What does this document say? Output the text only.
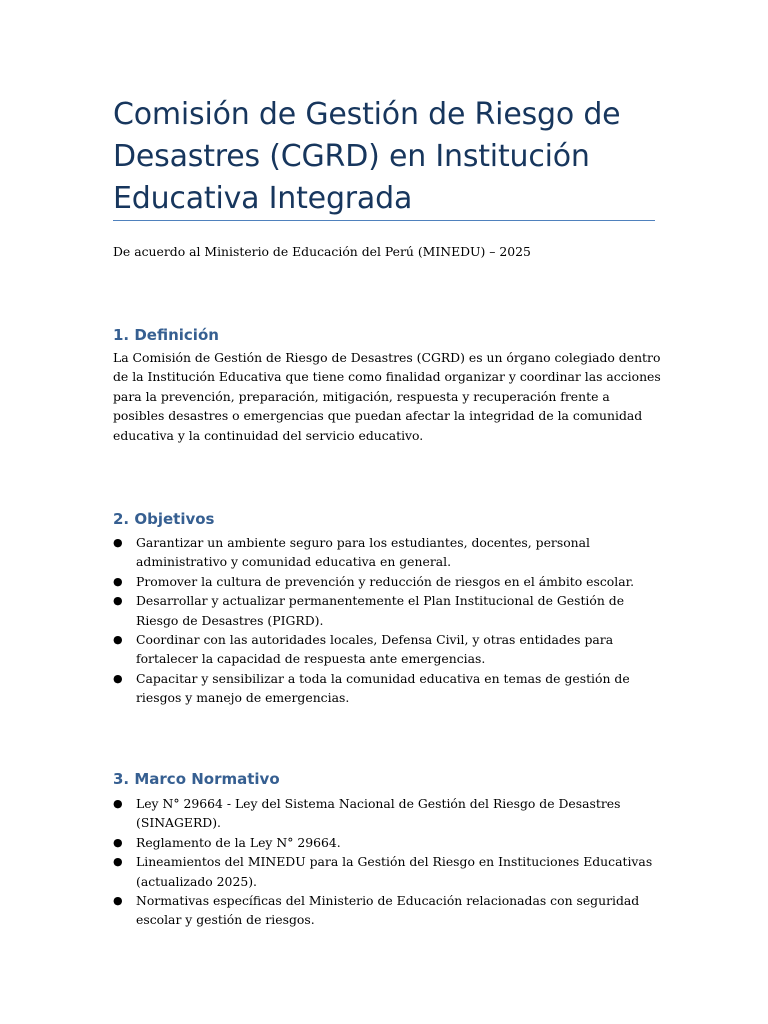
Comisión de Gestión de Riesgo de Desastres (CGRD) en Institución Educativa Integrada

De acuerdo al Ministerio de Educación del Perú (MINEDU) – 2025

1. Definición

La Comisión de Gestión de Riesgo de Desastres (CGRD) es un órgano colegiado dentro de la Institución Educativa que tiene como finalidad organizar y coordinar las acciones para la prevención, preparación, mitigación, respuesta y recuperación frente a posibles desastres o emergencias que puedan afectar la integridad de la comunidad educativa y la continuidad del servicio educativo.

2. Objetivos
●	Garantizar un ambiente seguro para los estudiantes, docentes, personal administrativo y comunidad educativa en general.
●	Promover la cultura de prevención y reducción de riesgos en el ámbito escolar.
●	Desarrollar y actualizar permanentemente el Plan Institucional de Gestión de Riesgo de Desastres (PIGRD).
●	Coordinar con las autoridades locales, Defensa Civil, y otras entidades para fortalecer la capacidad de respuesta ante emergencias.
●	Capacitar y sensibilizar a toda la comunidad educativa en temas de gestión de riesgos y manejo de emergencias.
3. Marco Normativo
●	Ley N° 29664 - Ley del Sistema Nacional de Gestión del Riesgo de Desastres (SINAGERD).
●	Reglamento de la Ley N° 29664.
●	Lineamientos del MINEDU para la Gestión del Riesgo en Instituciones Educativas (actualizado 2025).
●	Normativas específicas del Ministerio de Educación relacionadas con seguridad escolar y gestión de riesgos.
